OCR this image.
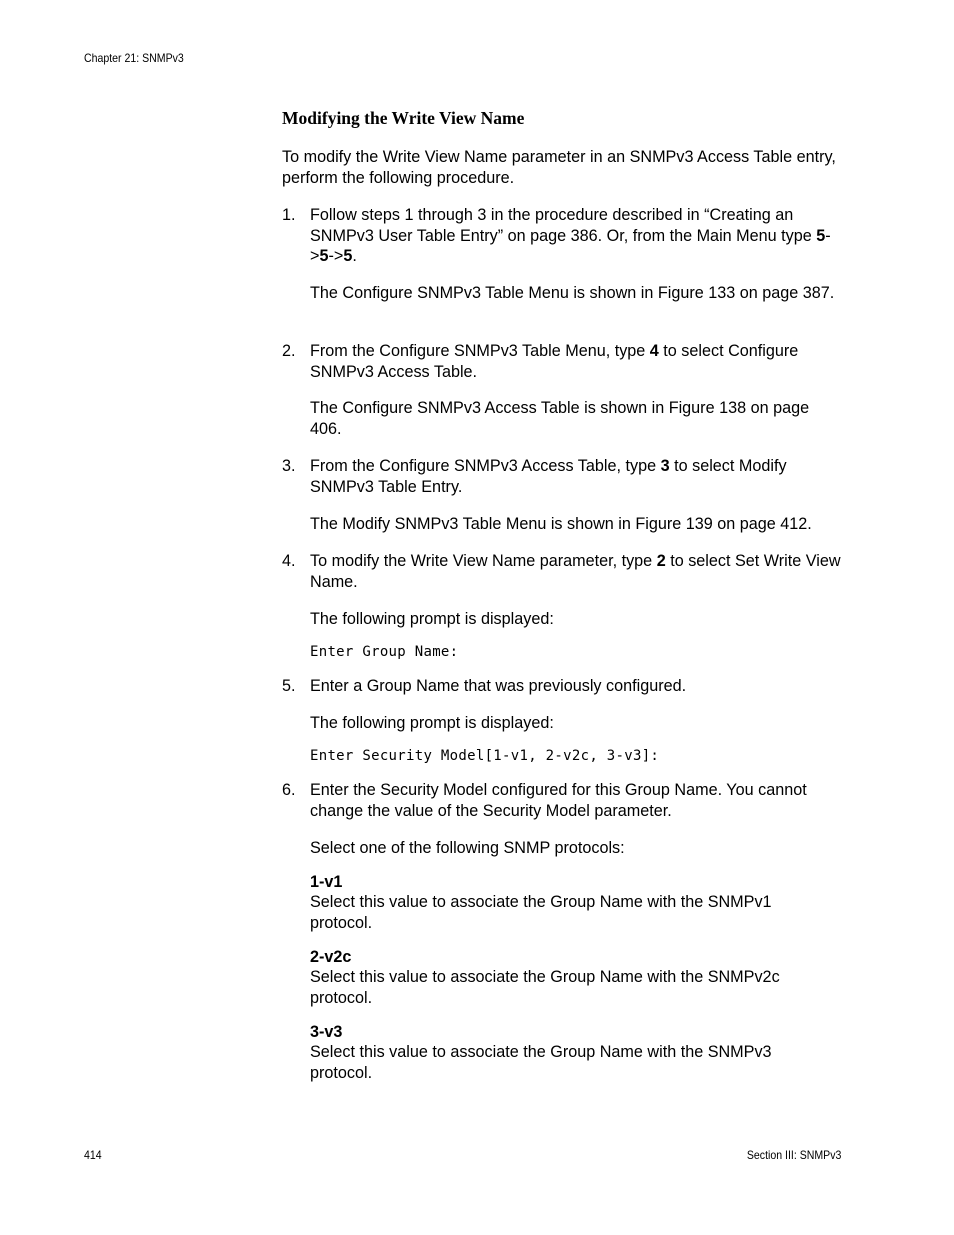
Chapter 21: SNMPv3
Modifying the Write View Name
To modify the Write View Name parameter in an SNMPv3 Access Table entry, perform the following procedure.
1. Follow steps 1 through 3 in the procedure described in “Creating an SNMPv3 User Table Entry” on page 386. Or, from the Main Menu type 5->5->5.
The Configure SNMPv3 Table Menu is shown in Figure 133 on page 387.
2. From the Configure SNMPv3 Table Menu, type 4 to select Configure SNMPv3 Access Table.
The Configure SNMPv3 Access Table is shown in Figure 138 on page 406.
3. From the Configure SNMPv3 Access Table, type 3 to select Modify SNMPv3 Table Entry.
The Modify SNMPv3 Table Menu is shown in Figure 139 on page 412.
4. To modify the Write View Name parameter, type 2 to select Set Write View Name.
The following prompt is displayed:
Enter Group Name:
5. Enter a Group Name that was previously configured.
The following prompt is displayed:
Enter Security Model[1-v1, 2-v2c, 3-v3]:
6. Enter the Security Model configured for this Group Name. You cannot change the value of the Security Model parameter.
Select one of the following SNMP protocols:
1-v1
Select this value to associate the Group Name with the SNMPv1 protocol.
2-v2c
Select this value to associate the Group Name with the SNMPv2c protocol.
3-v3
Select this value to associate the Group Name with the SNMPv3 protocol.
414	Section III: SNMPv3
